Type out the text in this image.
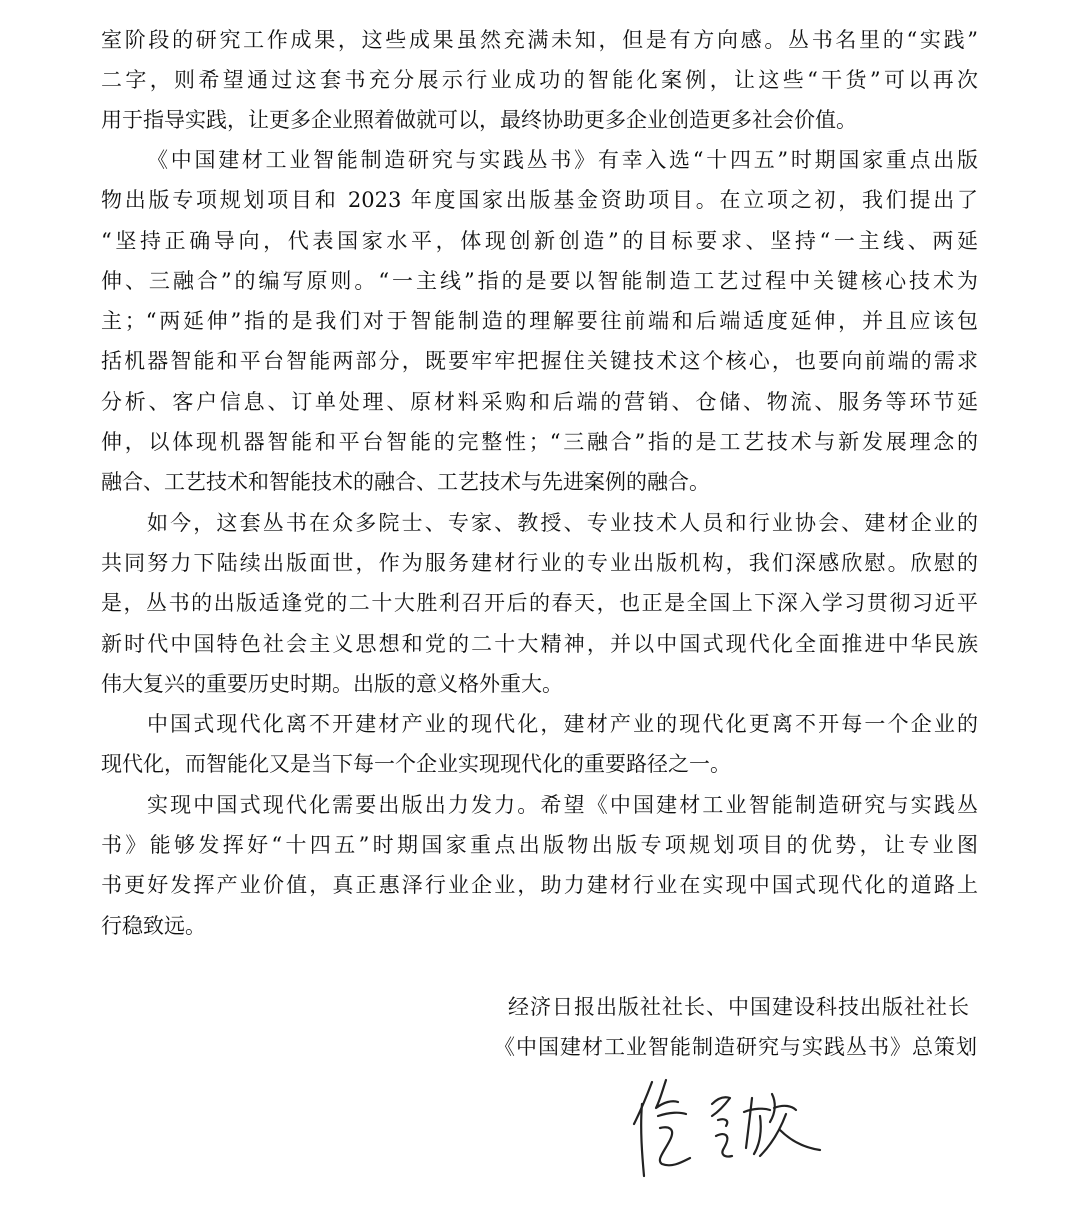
室阶段的研究工作成果，这些成果虽然充满未知，但是有方向感。丛书名里的“实践”
二字，则希望通过这套书充分展示行业成功的智能化案例，让这些“干货”可以再次
用于指导实践，让更多企业照着做就可以，最终协助更多企业创造更多社会价值。
《中国建材工业智能制造研究与实践丛书》有幸入选“十四五”时期国家重点出版
物出版专项规划项目和 2023 年度国家出版基金资助项目。在立项之初，我们提出了
“坚持正确导向，代表国家水平，体现创新创造”的目标要求、坚持“一主线、两延
伸、三融合”的编写原则。“一主线”指的是要以智能制造工艺过程中关键核心技术为
主；“两延伸”指的是我们对于智能制造的理解要往前端和后端适度延伸，并且应该包
括机器智能和平台智能两部分，既要牢牢把握住关键技术这个核心，也要向前端的需求
分析、客户信息、订单处理、原材料采购和后端的营销、仓储、物流、服务等环节延
伸，以体现机器智能和平台智能的完整性；“三融合”指的是工艺技术与新发展理念的
融合、工艺技术和智能技术的融合、工艺技术与先进案例的融合。
如今，这套丛书在众多院士、专家、教授、专业技术人员和行业协会、建材企业的
共同努力下陆续出版面世，作为服务建材行业的专业出版机构，我们深感欣慰。欣慰的
是，丛书的出版适逢党的二十大胜利召开后的春天，也正是全国上下深入学习贯彻习近平
新时代中国特色社会主义思想和党的二十大精神，并以中国式现代化全面推进中华民族
伟大复兴的重要历史时期。出版的意义格外重大。
中国式现代化离不开建材产业的现代化，建材产业的现代化更离不开每一个企业的
现代化，而智能化又是当下每一个企业实现现代化的重要路径之一。
实现中国式现代化需要出版出力发力。希望《中国建材工业智能制造研究与实践丛
书》能够发挥好“十四五”时期国家重点出版物出版专项规划项目的优势，让专业图
书更好发挥产业价值，真正惠泽行业企业，助力建材行业在实现中国式现代化的道路上
行稳致远。
经济日报出版社社长、中国建设科技出版社社长
《中国建材工业智能制造研究与实践丛书》总策划
